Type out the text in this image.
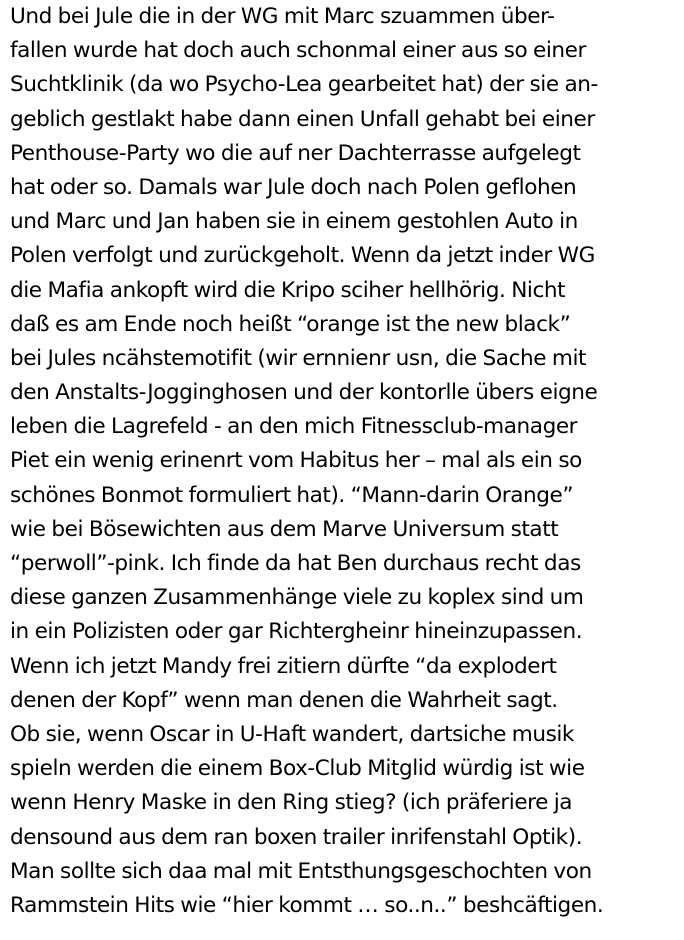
Und bei Jule die in der WG mit Marc szuammen über-
fallen wurde hat doch auch schonmal einer aus so einer
Suchtklinik (da wo Psycho-Lea gearbeitet hat) der sie an-
geblich gestlakt habe dann einen Unfall gehabt bei einer
Penthouse-Party wo die auf ner Dachterrasse aufgelegt
hat oder so. Damals war Jule doch nach Polen geflohen
und Marc und Jan haben sie in einem gestohlen Auto in
Polen verfolgt und zurückgeholt. Wenn da jetzt inder WG
die Mafia ankopft wird die Kripo sciher hellhörig. Nicht
daß es am Ende noch heißt “orange ist the new black”
bei Jules ncähstemotifit (wir ernnienr usn, die Sache mit
den Anstalts-Jogginghosen und der kontorlle übers eigne
leben die Lagrefeld - an den mich Fitnessclub-manager
Piet ein wenig erinenrt vom Habitus her – mal als ein so
schönes Bonmot formuliert hat). “Mann-darin Orange”
wie bei Bösewichten aus dem Marve Universum statt
“perwoll”-pink. Ich finde da hat Ben durchaus recht das
diese ganzen Zusammenhänge viele zu koplex sind um
in ein Polizisten oder gar Richtergheinr hineinzupassen.
Wenn ich jetzt Mandy frei zitiern dürfte “da explodert
denen der Kopf” wenn man denen die Wahrheit sagt.
Ob sie, wenn Oscar in U-Haft wandert, dartsiche musik
spieln werden die einem Box-Club Mitglid würdig ist wie
wenn Henry Maske in den Ring stieg? (ich präferiere ja
densound aus dem ran boxen trailer inrifenstahl Optik).
Man sollte sich daa mal mit Entsthungsgeschochten von
Rammstein Hits wie “hier kommt … so..n..” beshcäftigen.
